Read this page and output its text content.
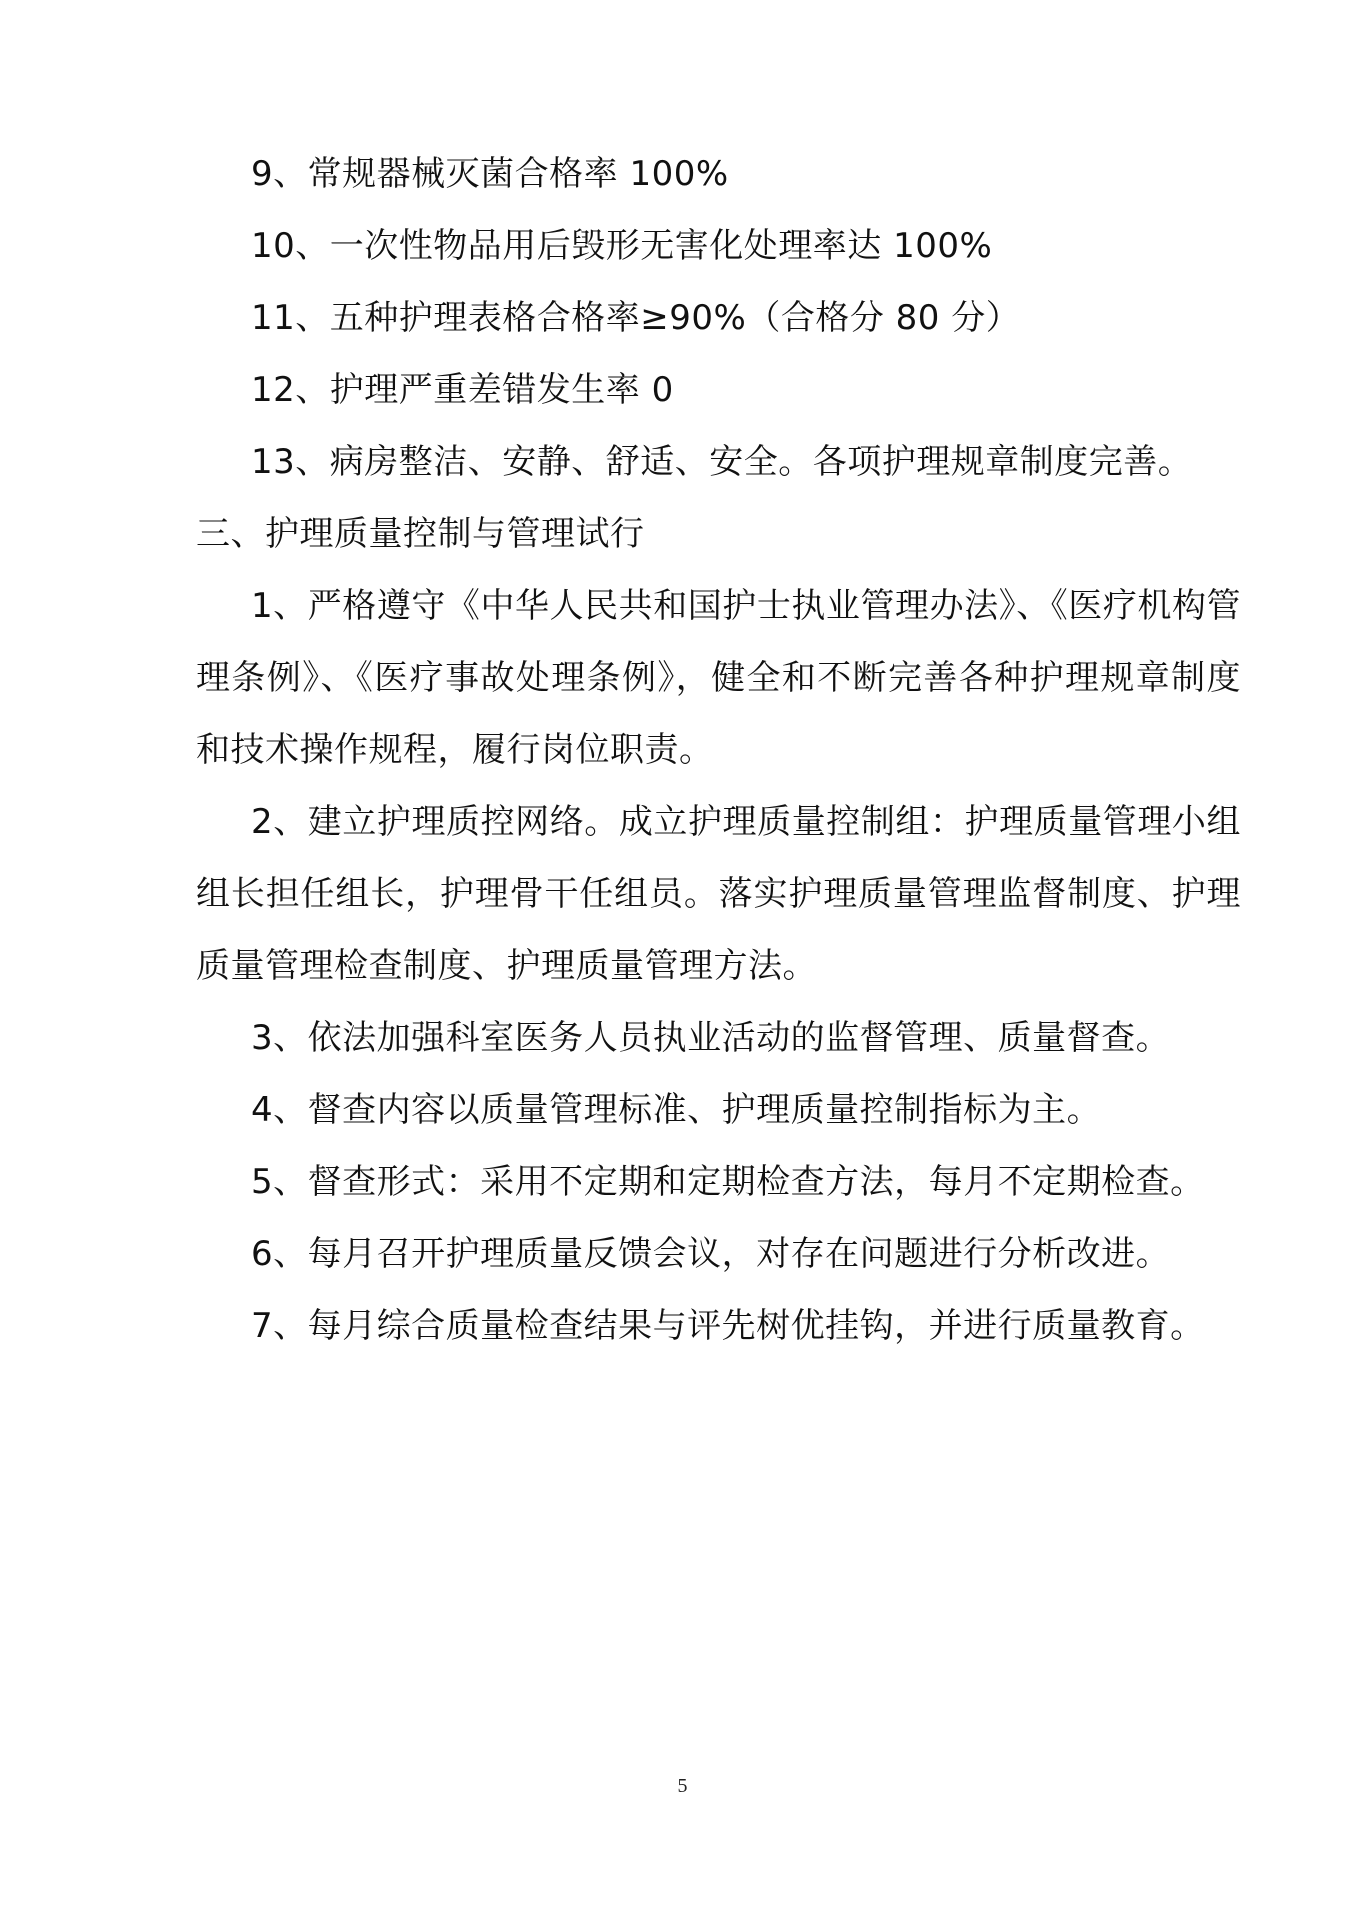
9、常规器械灭菌合格率 100%
10、一次性物品用后毁形无害化处理率达 100%
11、五种护理表格合格率≥90%（合格分 80 分）
12、护理严重差错发生率 0
13、病房整洁、安静、舒适、安全。各项护理规章制度完善。
三、护理质量控制与管理试行
1、严格遵守《中华人民共和国护士执业管理办法》、《医疗机构管理条例》、《医疗事故处理条例》，健全和不断完善各种护理规章制度和技术操作规程，履行岗位职责。
2、建立护理质控网络。成立护理质量控制组：护理质量管理小组组长担任组长，护理骨干任组员。落实护理质量管理监督制度、护理质量管理检查制度、护理质量管理方法。
3、依法加强科室医务人员执业活动的监督管理、质量督查。
4、督查内容以质量管理标准、护理质量控制指标为主。
5、督查形式：采用不定期和定期检查方法，每月不定期检查。
6、每月召开护理质量反馈会议，对存在问题进行分析改进。
7、每月综合质量检查结果与评先树优挂钩，并进行质量教育。
5
